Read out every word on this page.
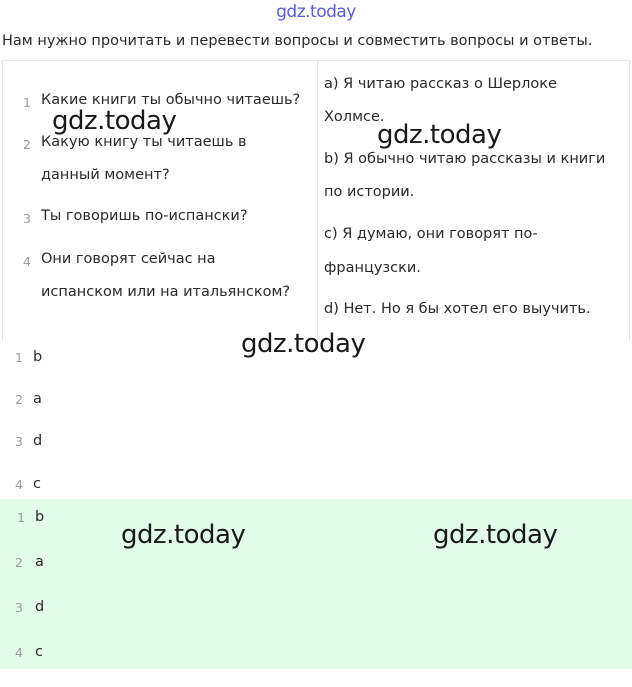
gdz.today
Нам нужно прочитать и перевести вопросы и совместить вопросы и ответы.
1 Какие книги ты обычно читаешь?
2 Какую книгу ты читаешь в
данный момент?
3 Ты говоришь по-испански?
4 Они говорят сейчас на
испанском или на итальянском?
a) Я читаю рассказ о Шерлоке
Холмсе.
b) Я обычно читаю рассказы и книги
по истории.
c) Я думаю, они говорят по-
французски.
d) Нет. Но я бы хотел его выучить.
1 b
2 a
3 d
4 c
1 b
2 a
3 d
4 c
gdz.today	gdz.today
gdz.today
gdz.today	gdz.today
